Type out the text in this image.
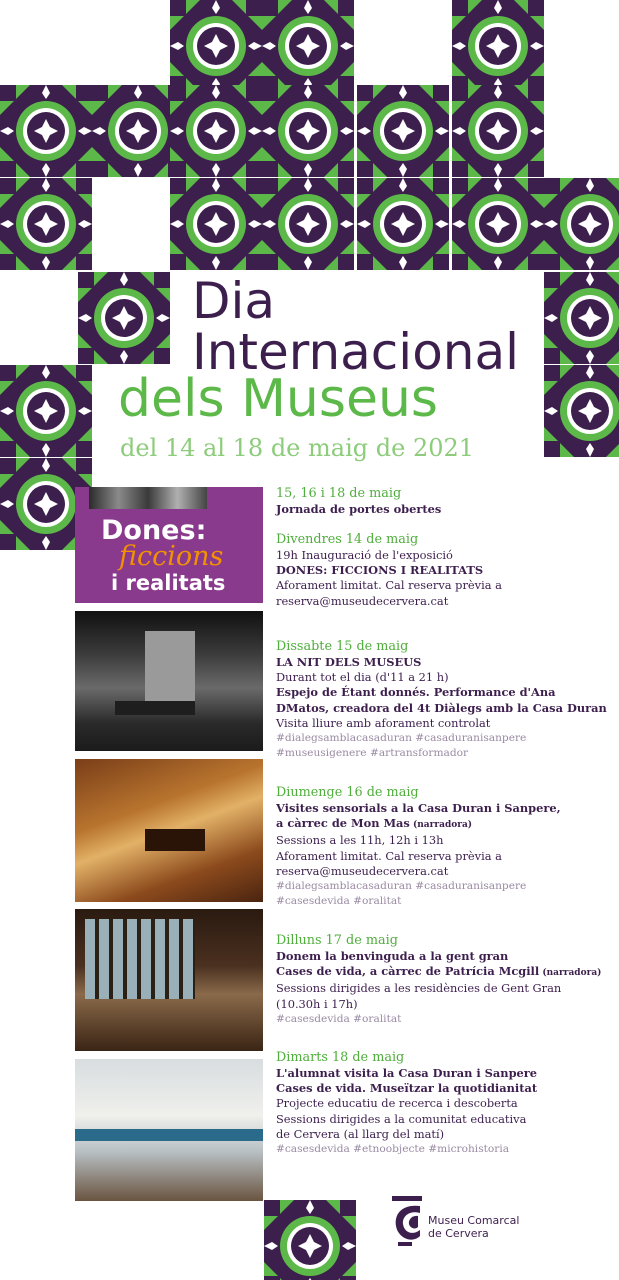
Dia
Internacional
dels Museus
del 14 al 18 de maig de 2021
Dones:
ficcions
i realitats
15, 16 i 18 de maig
Jornada de portes obertes
Divendres 14 de maig
19h Inauguració de l'exposició
DONES: FICCIONS I REALITATS
Aforament limitat. Cal reserva prèvia a
reserva@museudecervera.cat
Dissabte 15 de maig
LA NIT DELS MUSEUS
Durant tot el dia (d'11 a 21 h)
Espejo de Étant donnés. Performance d'Ana
DMatos, creadora del 4t Diàlegs amb la Casa Duran
Visita lliure amb aforament controlat
#dialegsamblacasaduran #casaduranisanpere
#museusigenere #artransformador
Diumenge 16 de maig
Visites sensorials a la Casa Duran i Sanpere,
a càrrec de Mon Mas (narradora)
Sessions a les 11h, 12h i 13h
Aforament limitat. Cal reserva prèvia a
reserva@museudecervera.cat
#dialegsamblacasaduran #casaduranisanpere
#casesdevida #oralitat
Dilluns 17 de maig
Donem la benvinguda a la gent gran
Cases de vida, a càrrec de Patrícia Mcgill (narradora)
Sessions dirigides a les residències de Gent Gran
(10.30h i 17h)
#casesdevida #oralitat
Dimarts 18 de maig
L'alumnat visita la Casa Duran i Sanpere
Cases de vida. Museïtzar la quotidianitat
Projecte educatiu de recerca i descoberta
Sessions dirigides a la comunitat educativa
de Cervera (al llarg del matí)
#casesdevida #etnoobjecte #microhistoria
Museu Comarcal
de Cervera
